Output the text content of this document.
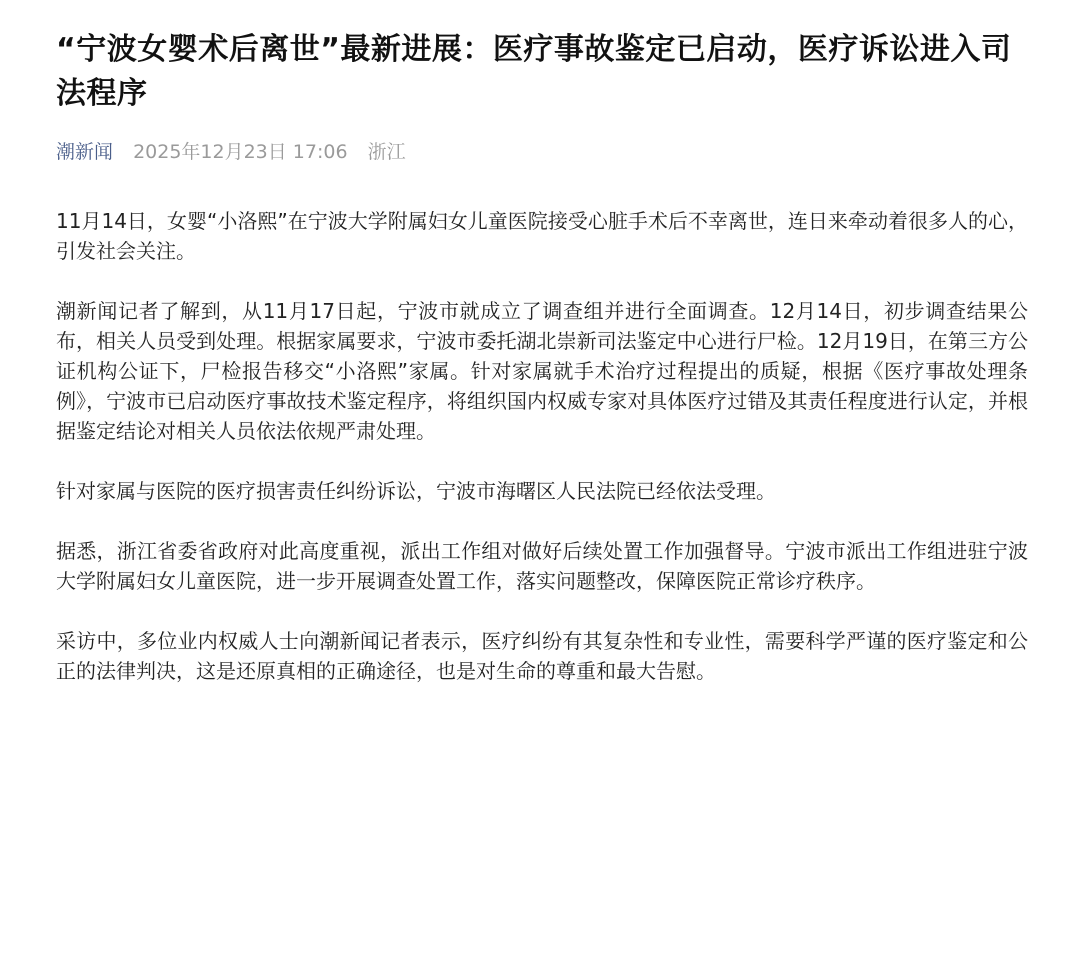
“宁波女婴术后离世”最新进展：医疗事故鉴定已启动，医疗诉讼进入司法程序
潮新闻 2025年12月23日 17:06 浙江

11月14日，女婴“小洛熙”在宁波大学附属妇女儿童医院接受心脏手术后不幸离世，连日来牵动着很多人的心，引发社会关注。

潮新闻记者了解到，从11月17日起，宁波市就成立了调查组并进行全面调查。12月14日，初步调查结果公布，相关人员受到处理。根据家属要求，宁波市委托湖北崇新司法鉴定中心进行尸检。12月19日，在第三方公证机构公证下，尸检报告移交“小洛熙”家属。针对家属就手术治疗过程提出的质疑，根据《医疗事故处理条例》，宁波市已启动医疗事故技术鉴定程序，将组织国内权威专家对具体医疗过错及其责任程度进行认定，并根据鉴定结论对相关人员依法依规严肃处理。

针对家属与医院的医疗损害责任纠纷诉讼，宁波市海曙区人民法院已经依法受理。

据悉，浙江省委省政府对此高度重视，派出工作组对做好后续处置工作加强督导。宁波市派出工作组进驻宁波大学附属妇女儿童医院，进一步开展调查处置工作，落实问题整改，保障医院正常诊疗秩序。

采访中，多位业内权威人士向潮新闻记者表示，医疗纠纷有其复杂性和专业性，需要科学严谨的医疗鉴定和公正的法律判决，这是还原真相的正确途径，也是对生命的尊重和最大告慰。
